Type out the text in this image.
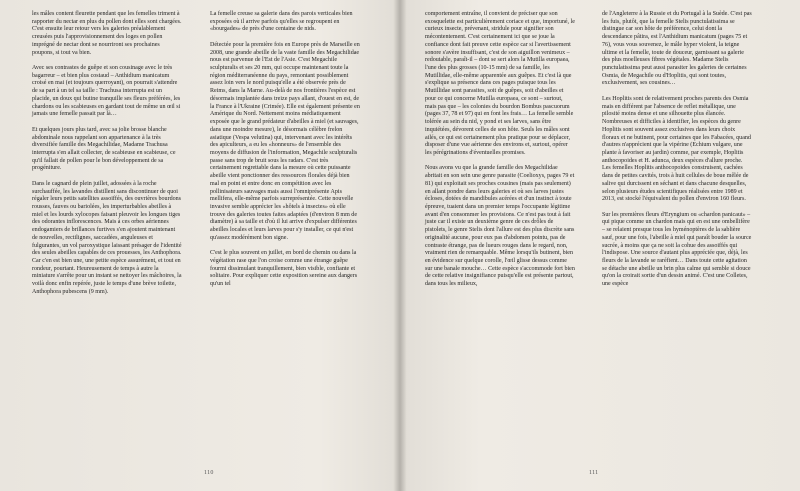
les mâles content fleurette pendant que les femelles triment à rapporter du nectar en plus du pollen dont elles sont chargées. C'est ensuite leur retour vers les galeries préalablement creusées puis l'approvisionnement des loges en pollen imprégné de nectar dont se nourriront ses prochaines poupons, si tout va bien.

Avec ses contrastes de guêpe et son cousinage avec le très bagarreur – et bien plus costaud – Anthidium manicatum croisé en mai (et toujours querroyant), on pourrait s'attendre de sa part à un tel sa taille : Trachusa interrupta est un placide, un doux qui butine tranquille ses fleurs préférées, les chardons ou les scabieuses en gardant tout de même un œil si jamais une femelle passait par là…

Et quelques jours plus tard, avec sa jolie brosse blanche abdominale nous rappelant son appartenance à la très diversifiée famille des Megachilidae, Madame Trachusa interrupta s'en allait collecter, de scabieuse en scabieuse, ce qu'il fallait de pollen pour le bon développement de sa progéniture.

Dans le cagnard de plein juillet, adossées à la roche surchauffée, les lavandes distillent sans discontinuer de quoi régaler leurs petits satellites assoiffés, des ouvrières bourdons rousses, fauves ou bariolées, les imperturbables abeilles à miel et les lourds xylocopes faisant pleuvoir les longues tiges des odorantes inflorescences. Mais à ces orbes aériennes endogamiers de brillances furtives s'en ajoutent maintenant de nouvelles, rectilignes, saccadées, anguleuses et fulgurantes, un vol paroxystique laissant présager de l'identité des seules abeilles capables de ces prouesses, les Anthophora. Car c'en est bien une, une petite espèce assurément, et tout en rondeur, pourtant. Heureusement de temps à autre la miniature s'arrête pour un instant se nettoyer les mâchoires, la voilà donc enfin repérée, juste le temps d'une brève toilette, Anthophora pubescens (9 mm).

La femelle creuse sa galerie dans des parois verticales bien exposées où il arrive parfois qu'elles se regroupent en «bourgades» de près d'une centaine de nids.

Détectée pour la première fois en Europe près de Marseille en 2008, une grande abeille de la vaste famille des Megachilidae nous est parvenue de l'Est de l'Asie. C'est Megachile sculpturalis et ses 20 mm, qui occupe maintenant toute la région méditerranéenne du pays, remontant possiblement assez loin vers le nord puisqu'elle a été observée près de Reims, dans la Marne. Au-delà de nos frontières l'espèce est désormais implantée dans treize pays allant, d'ouest en est, de la France à l'Ukraine (Crimée). Elle est également présente en Amérique du Nord. Nettement moins médiatiquement exposée que le grand prédateur d'abeilles à miel (et sauvages, dans une moindre mesure), le désormais célèbre frelon asiatique (Vespa velutina) qui, intervenant avec les intérêts des apiculteurs, a eu les «honneurs» de l'ensemble des moyens de diffusion de l'information, Megachile sculpturalis passe sans trop de bruit sous les radars. C'est très certainement regrettable dans la mesure où cette puissante abeille vient ponctionner des ressources florales déjà bien mal en point et entre donc en compétition avec les pollinisateurs sauvages mais aussi l'omniprésente Apis mellifera, elle-même parfois surreprésentée. Cette nouvelle invasive semble apprécier les «hôtels à insectes» où elle trouve des galeries toutes faites adaptées (d'environ 8 mm de diamètre) à sa taille et d'où il lui arrive d'expulser différentes abeilles locales et leurs larves pour s'y installer, ce qui n'est qu'assez modérément bon signe.

C'est le plus souvent en juillet, en bord de chemin ou dans la végétation rase que l'on croise comme une étrange guêpe fourmi dissimulant tranquillement, bien visible, confiante et solitaire. Pour expliquer cette exposition sereine aux dangers qu'un tel

110

comportement entraîne, il convient de préciser que son exosquelette est particulièrement coriace et que, importuné, le curieux insecte, prévenant, stridule pour signifier son mécontentement. C'est certainement ici que se joue la confiance dont fait preuve cette espèce car si l'avertissement sonore s'avère insuffisant, c'est de son aiguillon venimeux – redoutable, paraît-il – dont se sert alors la Mutilla europaea, l'une des plus grosses (10-15 mm) de sa famille, les Mutillidae, elle-même apparentée aux guêpes. Et c'est là que s'explique sa présence dans ces pages puisque tous les Mutillidae sont parasites, soit de guêpes, soit d'abeilles et pour ce qui concerne Mutilla europaea, ce sont – surtout, mais pas que – les colonies du bourdon Bombus pascuorum (pages 37, 78 et 97) qui en font les frais… La femelle semble tolérée au sein du nid, y pond et ses larves, sans être inquiétées, dévorent celles de son hôte. Seuls les mâles sont ailés, ce qui est certainement plus pratique pour se déplacer, disposer d'une vue aérienne des environs et, surtout, opérer les pérégrinations d'éventuelles promises.

Nous avons vu que la grande famille des Megachilidae abritait en son sein une genre parasite (Coelioxys, pages 79 et 81) qui exploitait ses proches cousines (mais pas seulement) en allant pondre dans leurs galeries et où ses larves justes écloses, dotées de mandibules acérées et d'un instinct à toute épreuve, tuaient dans un premier temps l'occupante légitime avant d'en consommer les provisions. Ce n'est pas tout à fait juste car il existe un deuxième genre de ces drôles de pistolets, le genre Stelis dont l'allure est des plus discrète sans originalité aucune, pour eux pas d'abdomen pointu, pas de contraste étrange, pas de lueurs rouges dans le regard, non, vraiment rien de remarquable. Même lorsqu'ils butinent, bien en évidence sur quelque corolle, l'œil glisse dessus comme sur une banale mouche… Cette espèce s'accommode fort bien de cette relative insignifiance puisqu'elle est présente partout, dans tous les milieux,

de l'Angleterre à la Russie et du Portugal à la Suède. C'est pas les fuis, plutôt, que la femelle Stelis punctulatissima se distingue car son hôte de préférence, celui dont la descendance pâtira, est l'Anthidium manicatum (pages 75 et 76), vous vous souvenez, le mâle hyper violent, la teigne ultime et la femelle, toute de douceur, garnissant sa galerie des plus moelleuses fibres végétales. Madame Stelis punctulatissima peut aussi parasiter les galeries de certaines Osmia, de Megachile ou d'Hoplitis, qui sont toutes, exclusivement, ses cousines…

Les Hoplitis sont de relativement proches parents des Osmia mais en différent par l'absence de reflet métallique, une pilosité moins dense et une silhouette plus élancée. Nombreuses et difficiles à identifier, les espèces du genre Hoplitis sont souvent assez exclusives dans leurs choix floraux et ne butinent, pour certaines que les Fabacées, quand d'autres n'apprécient que la vipérine (Echium vulgare, une plante à favoriser au jardin) comme, par exemple, Hoplitis anthocopoides et H. adunca, deux espèces d'allure proche. Les femelles Hoplitis anthocopoides construisent, cachées dans de petites cavités, trois à huit cellules de boue mêlée de salive qui durcissent en séchant et dans chacune desquelles, selon plusieurs études scientifiques réalisées entre 1989 et 2013, est stocké l'équivalent du pollen d'environ 160 fleurs.

Sur les premières fleurs d'Eryngium ou «chardon panicaut» – qui pique comme un chardon mais qui en est une ombellifère – se relaient presque tous les hyménoptères de la sablière sauf, pour une fois, l'abeille à miel qui paraît bouder la source sucrée, à moins que ça ne soit la cohue des assoiffés qui l'indispose. Une source d'autant plus appréciée que, déjà, les fleurs de la lavande se raréfient… Dans toute cette agitation se détache une abeille un brin plus calme qui semble si douce qu'on la croirait sortie d'un dessin animé. C'est une Colletes, une espèce

111
